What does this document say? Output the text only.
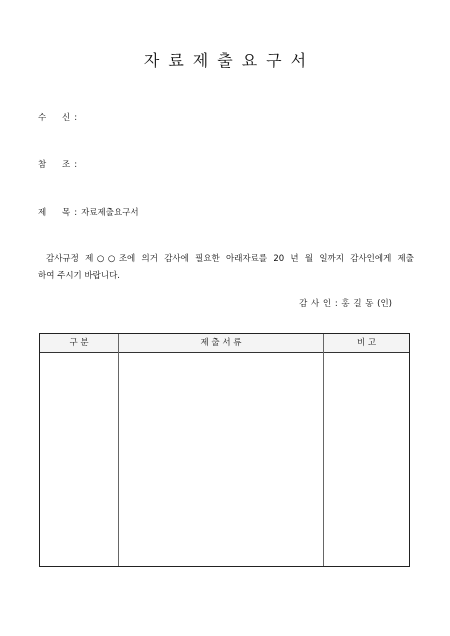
자료제출요구서
수 신 :
참 조 :
제 목 : 자료제출요구서
감사규정 제○○조에 의거 감사에 필요한 아래자료를 20 년 월 일까지 감사인에게 제출
하여 주시기 바랍니다.
감 사 인 : 홍 길 동 (인)
구 분	제 출 서 류	비 고
